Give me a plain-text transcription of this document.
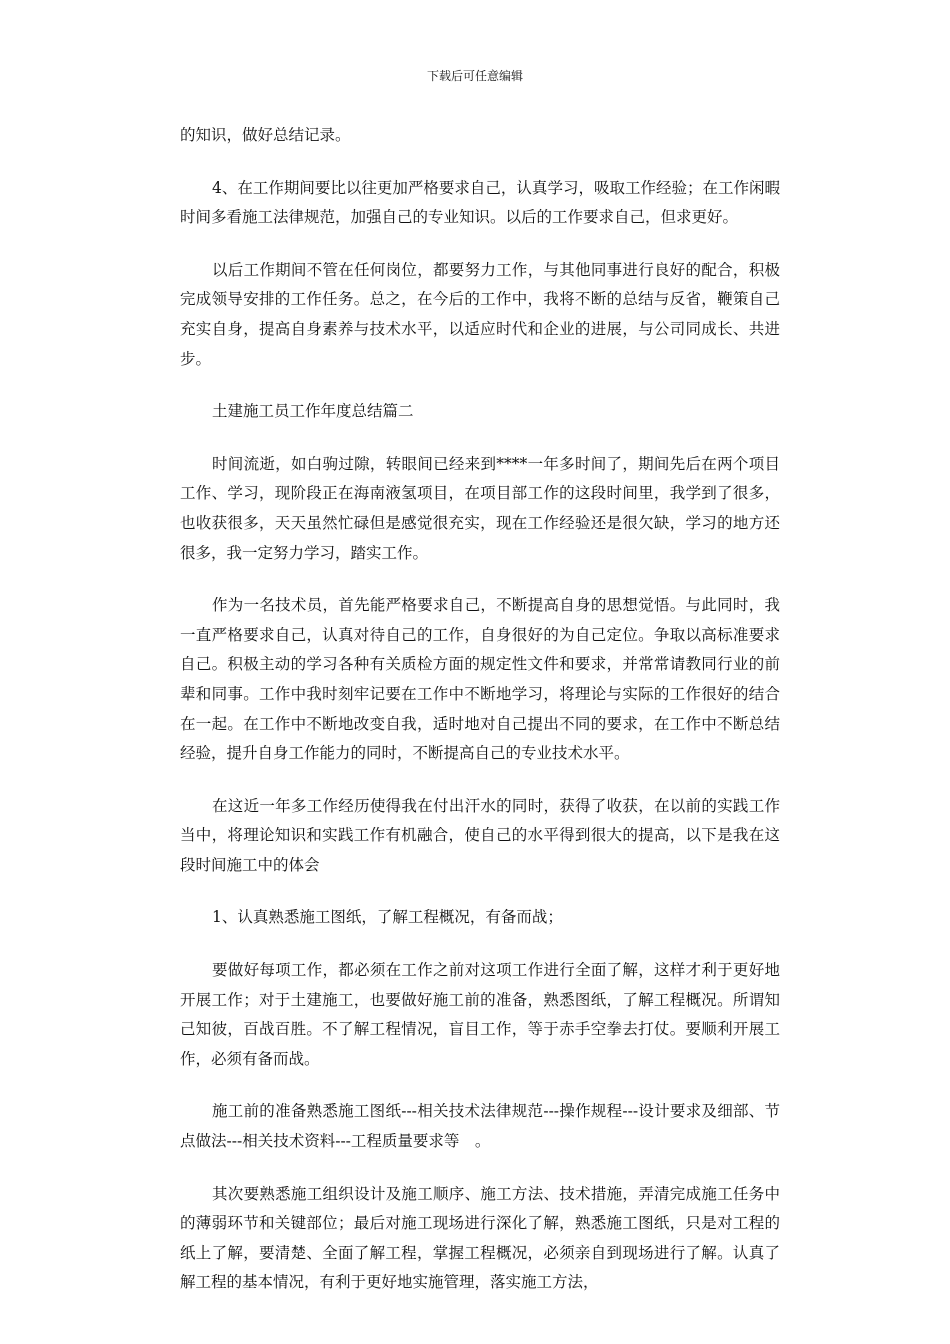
下载后可任意编辑

的知识，做好总结记录。

4、在工作期间要比以往更加严格要求自己，认真学习，吸取工作经验；在工作闲暇时间多看施工法律规范，加强自己的专业知识。以后的工作要求自己，但求更好。

以后工作期间不管在任何岗位，都要努力工作，与其他同事进行良好的配合，积极完成领导安排的工作任务。总之，在今后的工作中，我将不断的总结与反省，鞭策自己充实自身，提高自身素养与技术水平，以适应时代和企业的进展，与公司同成长、共进步。

土建施工员工作年度总结篇二

时间流逝，如白驹过隙，转眼间已经来到****一年多时间了，期间先后在两个项目工作、学习，现阶段正在海南液氢项目，在项目部工作的这段时间里，我学到了很多，也收获很多，天天虽然忙碌但是感觉很充实，现在工作经验还是很欠缺，学习的地方还很多，我一定努力学习，踏实工作。

作为一名技术员，首先能严格要求自己，不断提高自身的思想觉悟。与此同时，我一直严格要求自己，认真对待自己的工作，自身很好的为自己定位。争取以高标准要求自己。积极主动的学习各种有关质检方面的规定性文件和要求，并常常请教同行业的前辈和同事。工作中我时刻牢记要在工作中不断地学习，将理论与实际的工作很好的结合在一起。在工作中不断地改变自我，适时地对自己提出不同的要求，在工作中不断总结经验，提升自身工作能力的同时，不断提高自己的专业技术水平。

在这近一年多工作经历使得我在付出汗水的同时，获得了收获，在以前的实践工作当中，将理论知识和实践工作有机融合，使自己的水平得到很大的提高，以下是我在这段时间施工中的体会

1、认真熟悉施工图纸，了解工程概况，有备而战；

要做好每项工作，都必须在工作之前对这项工作进行全面了解，这样才利于更好地开展工作；对于土建施工，也要做好施工前的准备，熟悉图纸，了解工程概况。所谓知己知彼，百战百胜。不了解工程情况，盲目工作，等于赤手空拳去打仗。要顺利开展工作，必须有备而战。

施工前的准备熟悉施工图纸---相关技术法律规范---操作规程---设计要求及细部、节点做法---相关技术资料---工程质量要求等　。

其次要熟悉施工组织设计及施工顺序、施工方法、技术措施，弄清完成施工任务中的薄弱环节和关键部位；最后对施工现场进行深化了解，熟悉施工图纸，只是对工程的纸上了解，要清楚、全面了解工程，掌握工程概况，必须亲自到现场进行了解。认真了解工程的基本情况，有利于更好地实施管理，落实施工方法，
